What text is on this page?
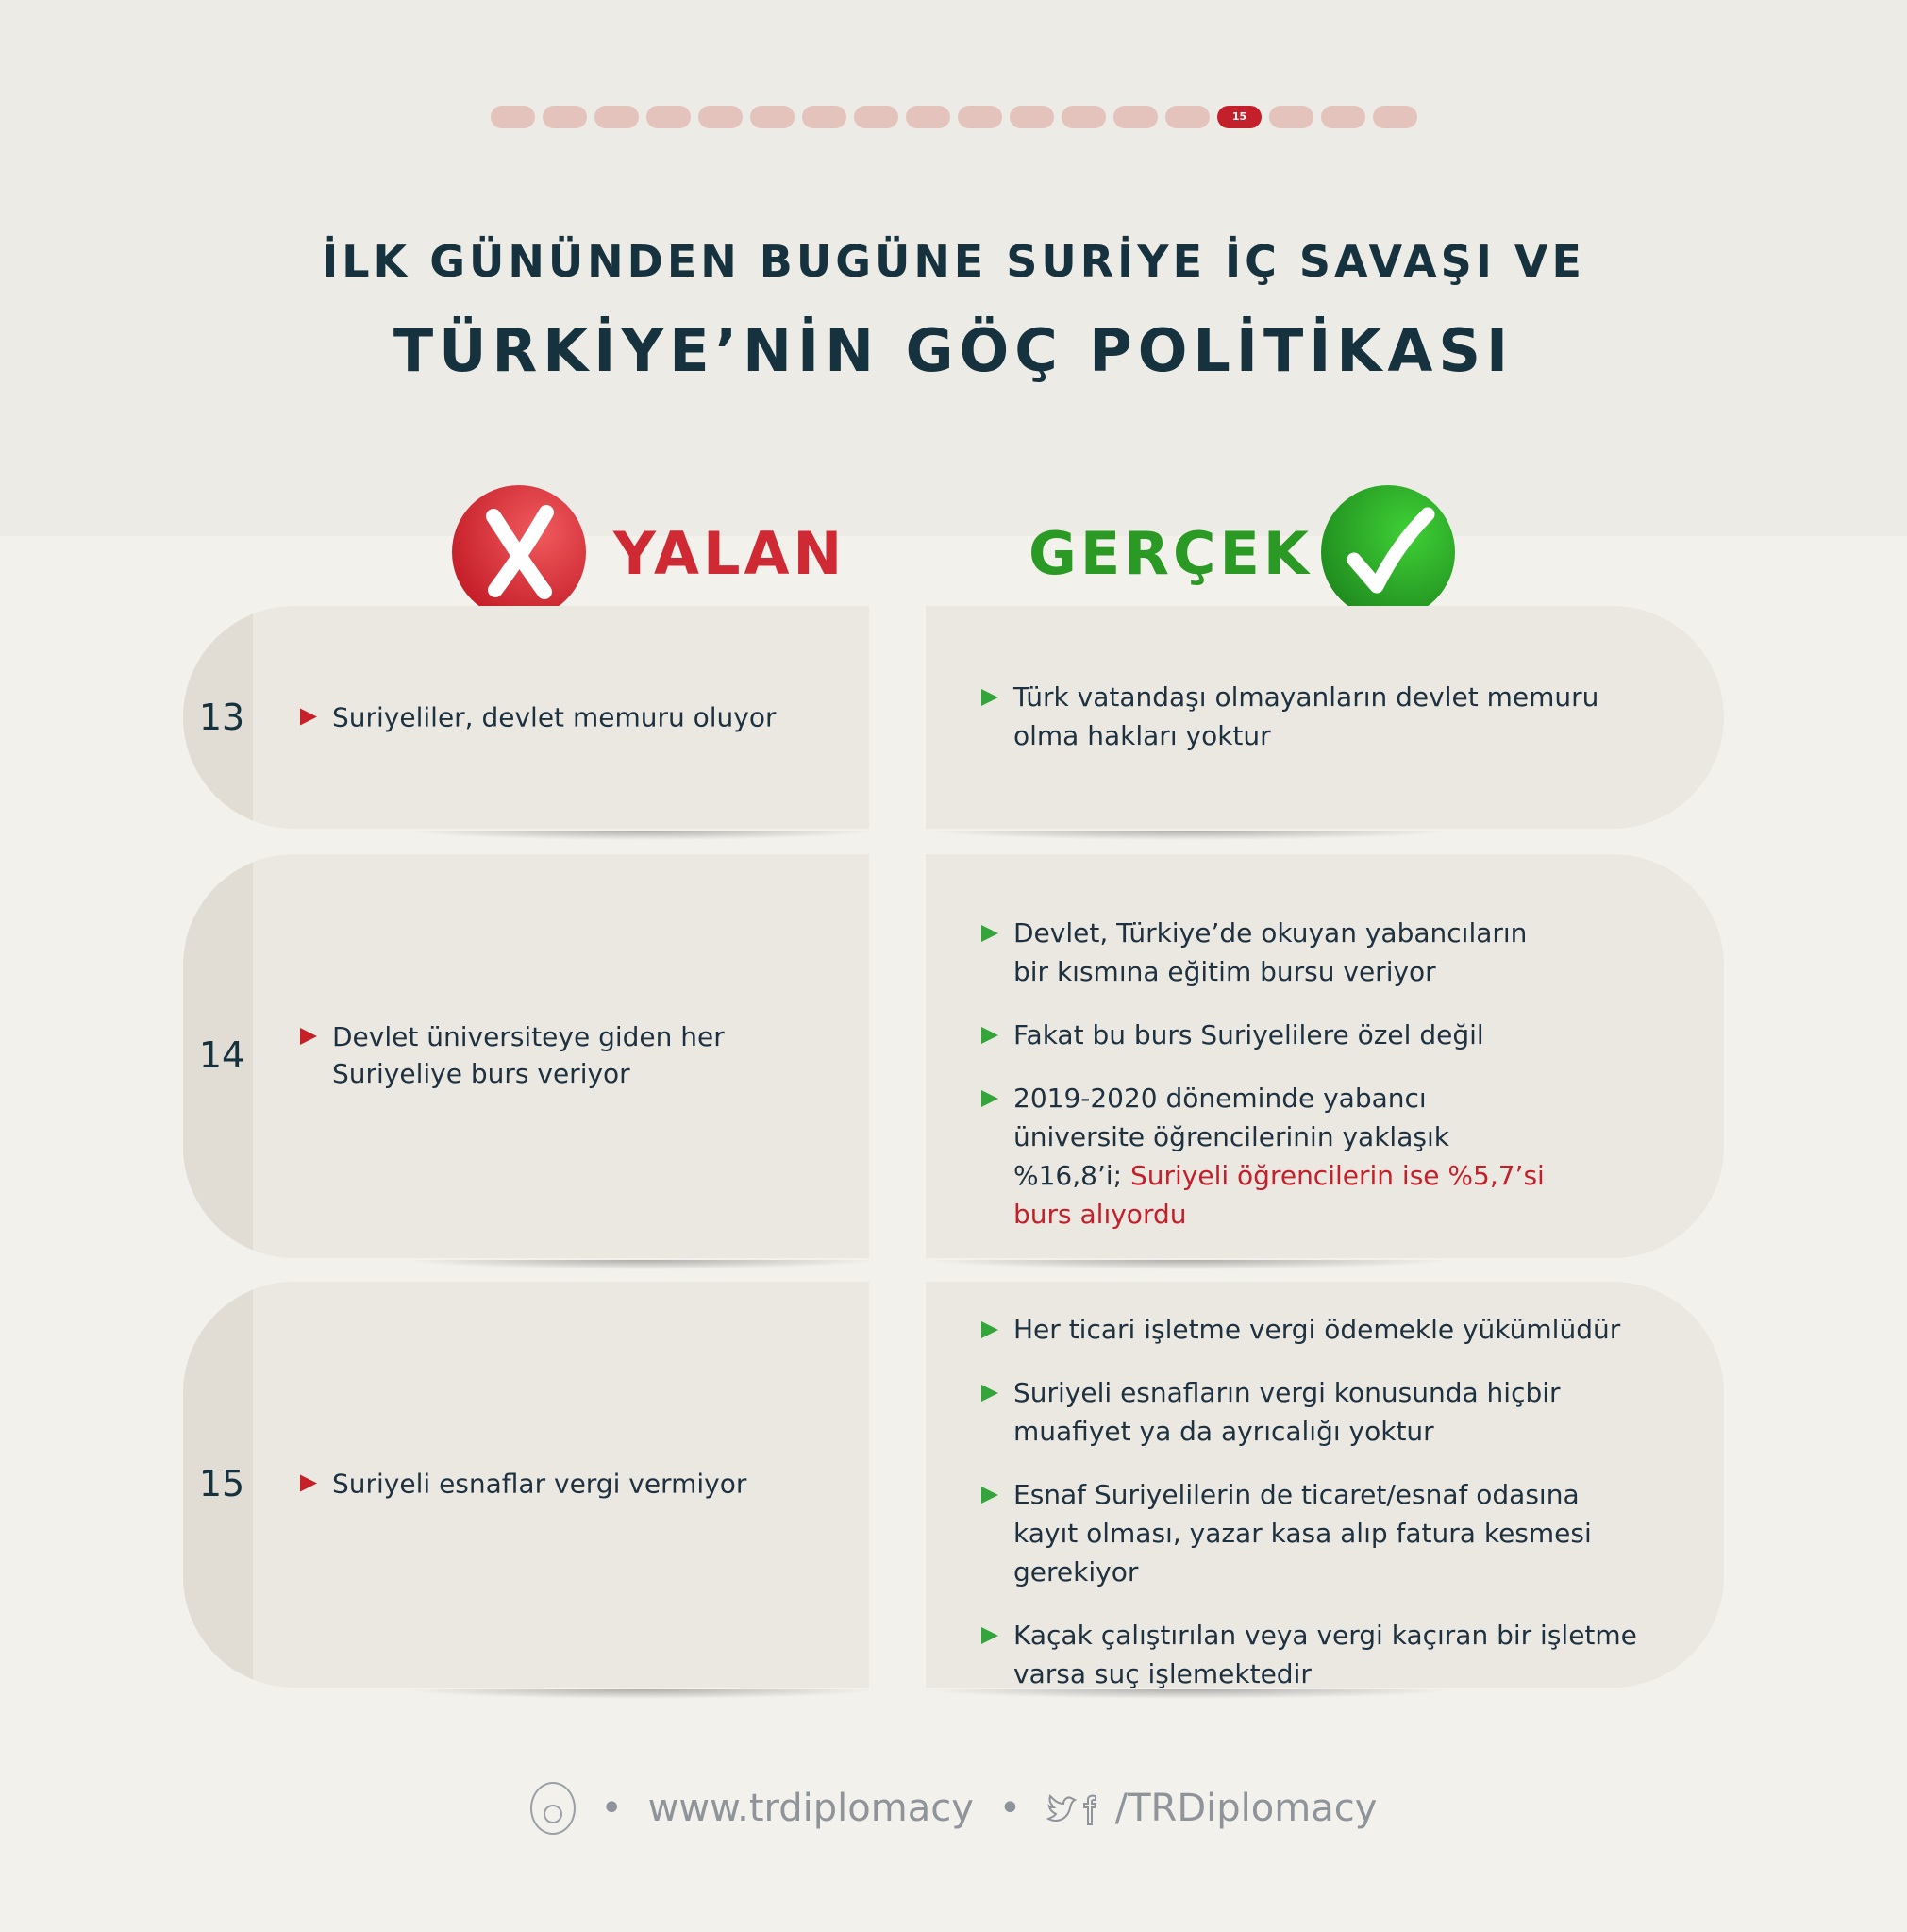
15
İLK GÜNÜNDEN BUGÜNE SURİYE İÇ SAVAŞI VE
TÜRKİYE’NİN GÖÇ POLİTİKASI
YALAN	GERÇEK
13	Suriyeliler, devlet memuru oluyor
Türk vatandaşı olmayanların devlet memuru olma hakları yoktur
14	Devlet üniversiteye giden her Suriyeliye burs veriyor
Devlet, Türkiye’de okuyan yabancıların bir kısmına eğitim bursu veriyor
Fakat bu burs Suriyelilere özel değil
2019-2020 döneminde yabancı üniversite öğrencilerinin yaklaşık %16,8’i; Suriyeli öğrencilerin ise %5,7’si burs alıyordu
15	Suriyeli esnaflar vergi vermiyor
Her ticari işletme vergi ödemekle yükümlüdür
Suriyeli esnafların vergi konusunda hiçbir muafiyet ya da ayrıcalığı yoktur
Esnaf Suriyelilerin de ticaret/esnaf odasına kayıt olması, yazar kasa alıp fatura kesmesi gerekiyor
Kaçak çalıştırılan veya vergi kaçıran bir işletme varsa suç işlemektedir
• www.trdiplomacy • /TRDiplomacy
